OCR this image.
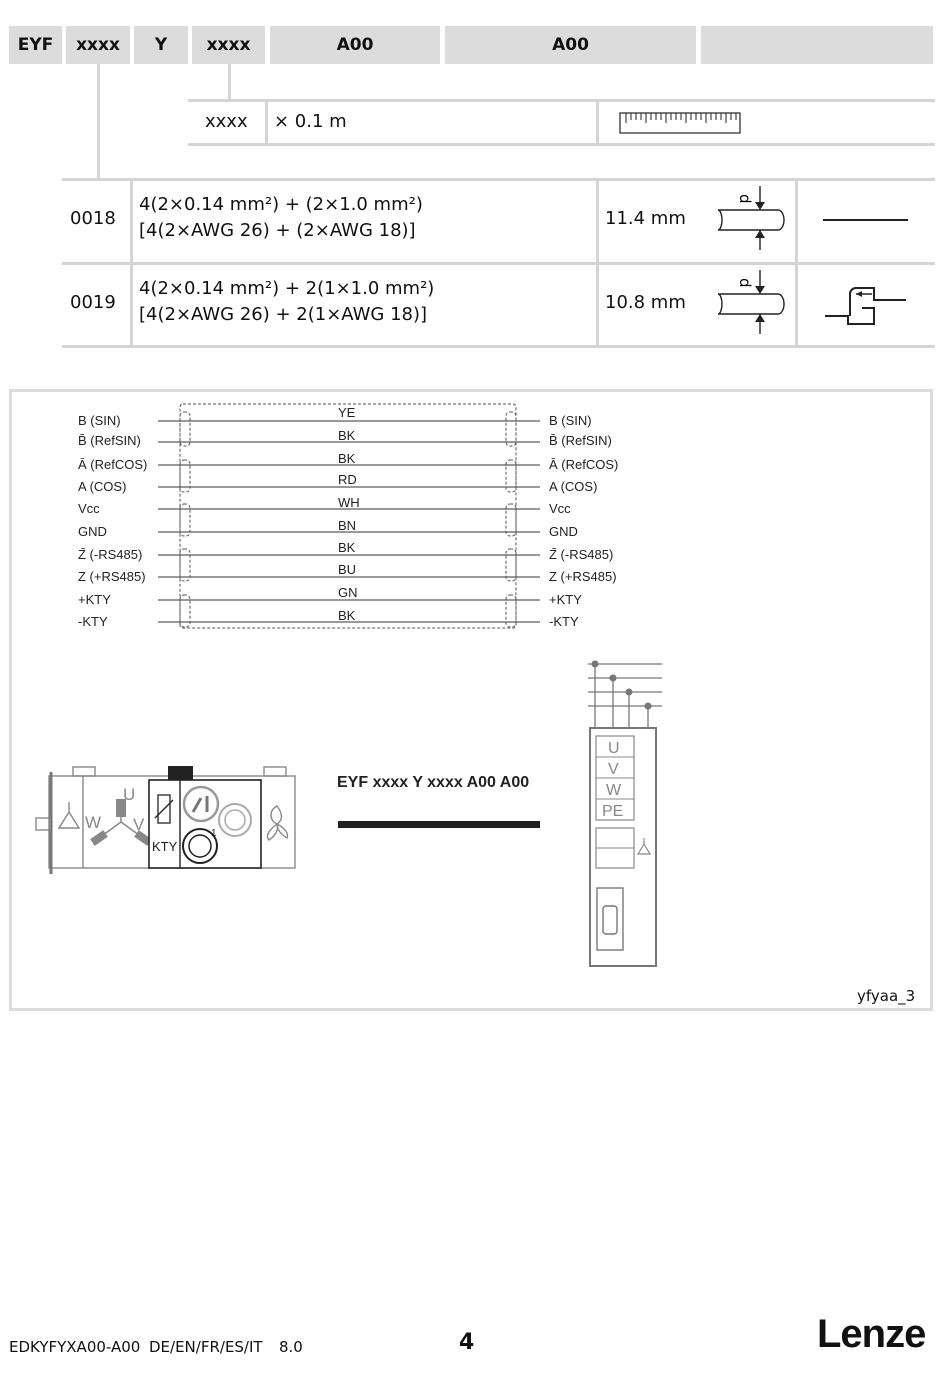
EYF	xxxx	Y	xxxx	A00	A00
xxxx × 0.1 m
0018
4(2×0.14 mm²) + (2×1.0 mm²)
[4(2×AWG 26) + (2×AWG 18)]
11.4 mm
d
0019
4(2×0.14 mm²) + 2(1×1.0 mm²)
[4(2×AWG 26) + 2(1×AWG 18)]
10.8 mm
d
B (SIN)
B̄ (RefSIN)
Ā (RefCOS)
A (COS)
Vcc
GND
Z̄ (-RS485)
Z (+RS485)
+KTY
-KTY
B (SIN)
B̄ (RefSIN)
Ā (RefCOS)
A (COS)
Vcc
GND
Z̄ (-RS485)
Z (+RS485)
+KTY
-KTY
YE
BK
BK
RD
WH
BN
BK
BU
GN
BK
U
W V
KTY
1
EYF xxxx Y xxxx A00 A00
U
V
W
PE
yfyaa_3
EDKYFYXA00-A00 DE/EN/FR/ES/IT 8.0	4	Lenze
